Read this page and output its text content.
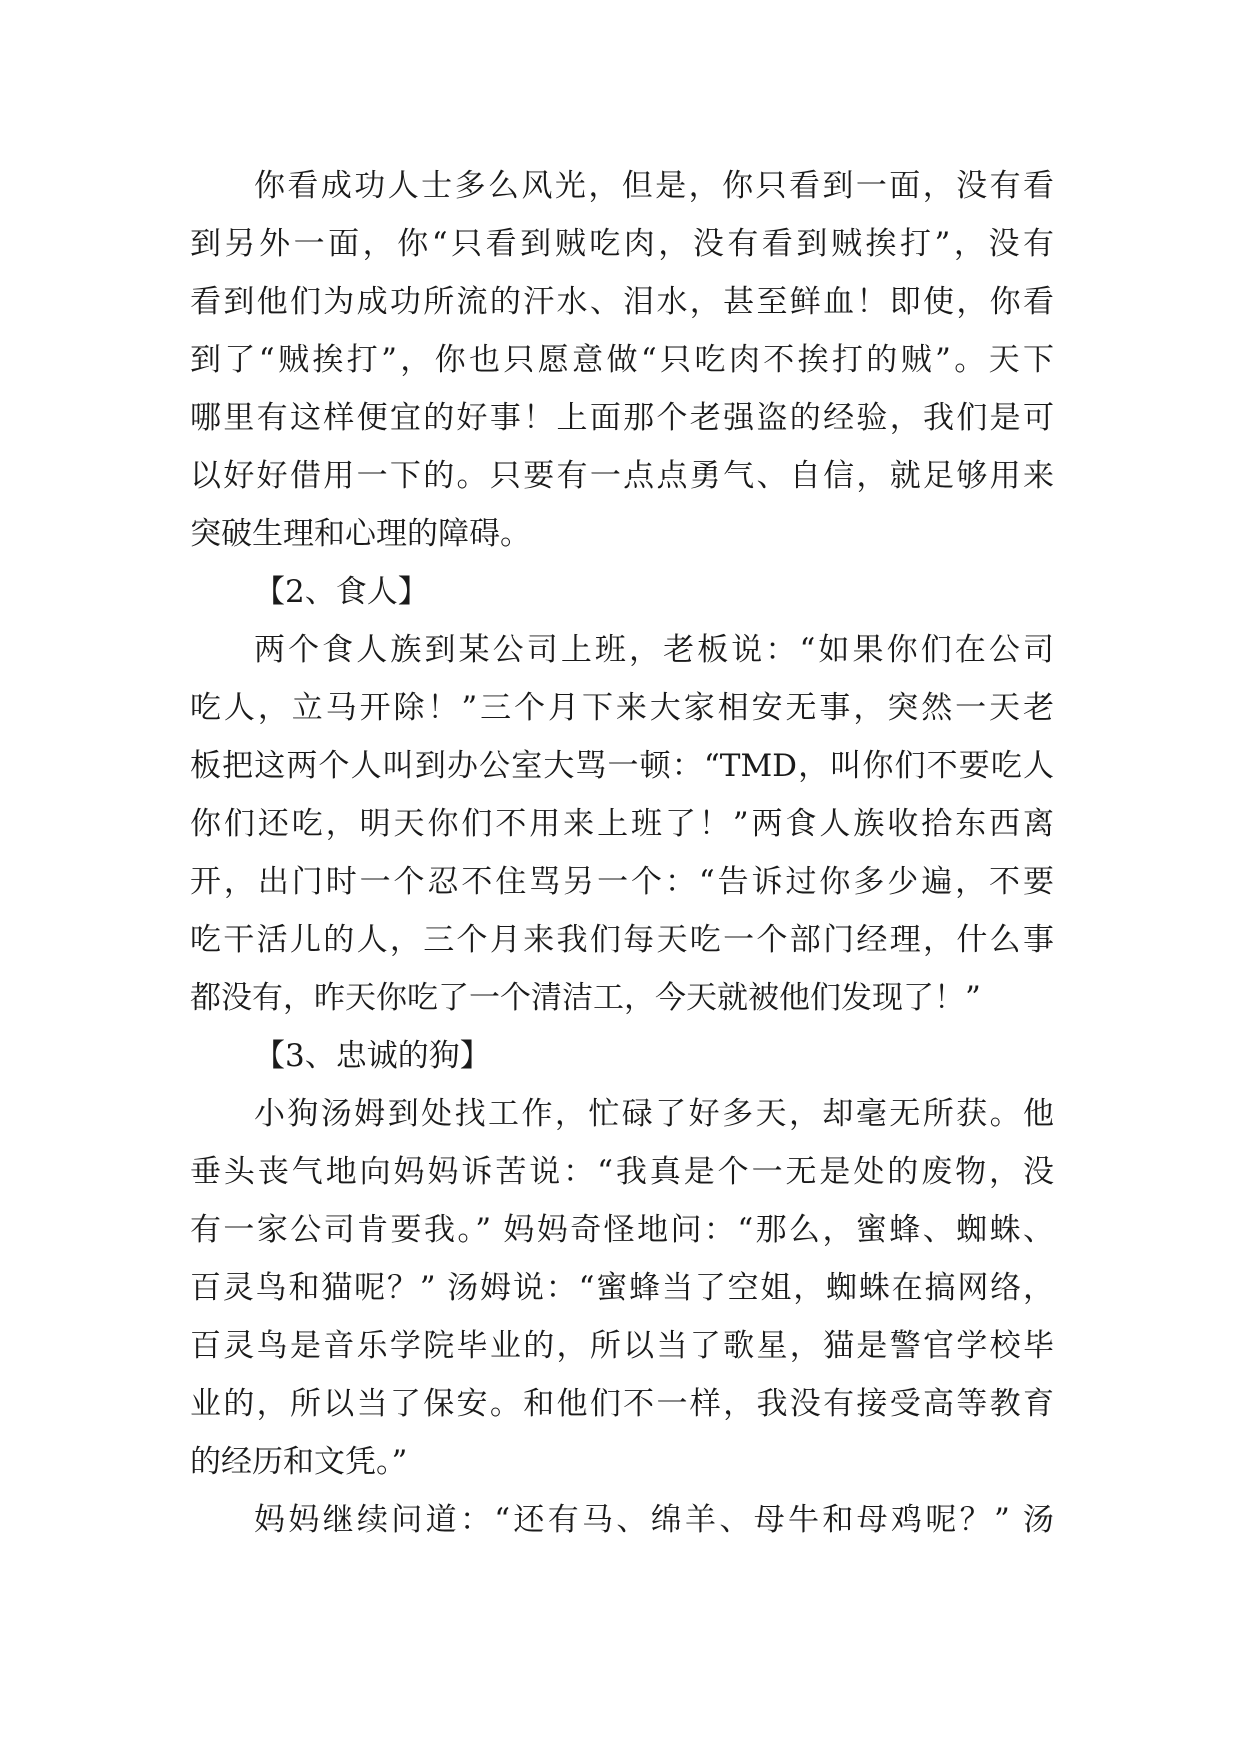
你看成功人士多么风光，但是，你只看到一面，没有看
到另外一面，你“只看到贼吃肉，没有看到贼挨打”，没有
看到他们为成功所流的汗水、泪水，甚至鲜血！即使，你看
到了“贼挨打”，你也只愿意做“只吃肉不挨打的贼”。天下
哪里有这样便宜的好事！上面那个老强盗的经验，我们是可
以好好借用一下的。只要有一点点勇气、自信，就足够用来
突破生理和心理的障碍。
【2、食人】
两个食人族到某公司上班，老板说：“如果你们在公司
吃人，立马开除！”三个月下来大家相安无事，突然一天老
板把这两个人叫到办公室大骂一顿：“TMD，叫你们不要吃人
你们还吃，明天你们不用来上班了！”两食人族收拾东西离
开，出门时一个忍不住骂另一个：“告诉过你多少遍，不要
吃干活儿的人，三个月来我们每天吃一个部门经理，什么事
都没有，昨天你吃了一个清洁工，今天就被他们发现了！”
【3、忠诚的狗】
小狗汤姆到处找工作，忙碌了好多天，却毫无所获。他
垂头丧气地向妈妈诉苦说：“我真是个一无是处的废物，没
有一家公司肯要我。” 妈妈奇怪地问：“那么，蜜蜂、蜘蛛、
百灵鸟和猫呢？” 汤姆说：“蜜蜂当了空姐，蜘蛛在搞网络，
百灵鸟是音乐学院毕业的，所以当了歌星，猫是警官学校毕
业的，所以当了保安。和他们不一样，我没有接受高等教育
的经历和文凭。”
妈妈继续问道：“还有马、绵羊、母牛和母鸡呢？” 汤
